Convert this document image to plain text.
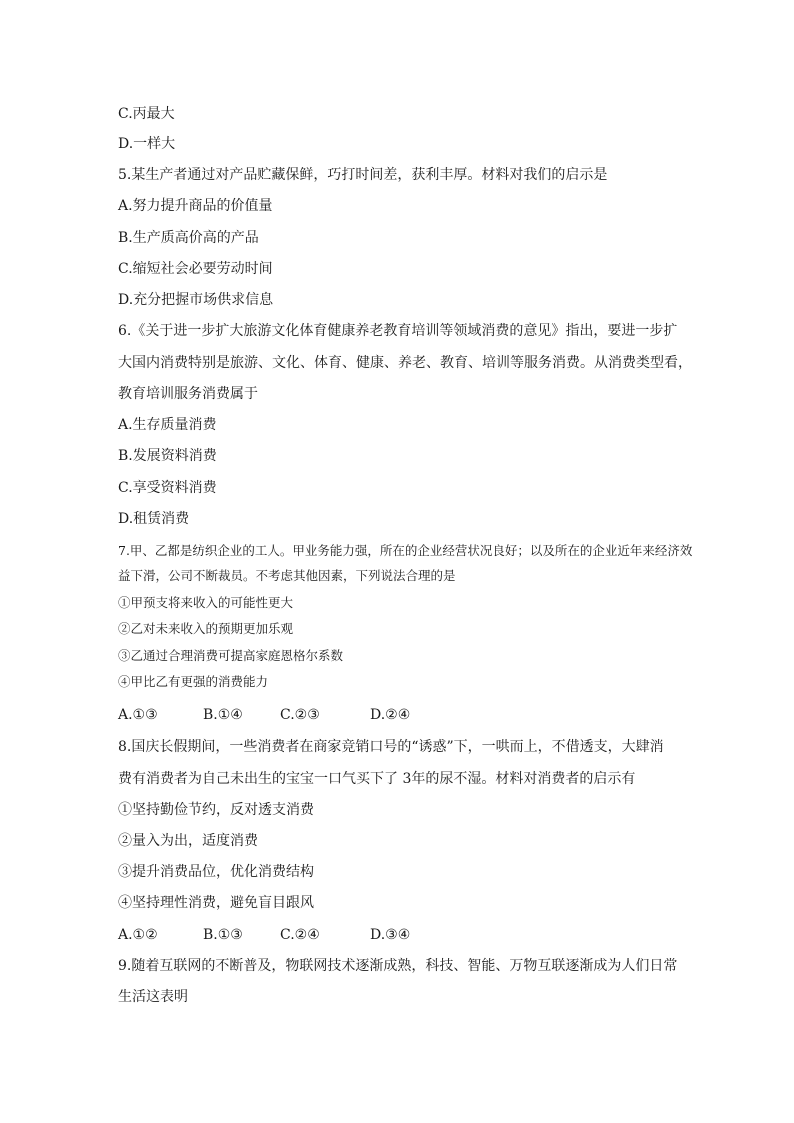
C.丙最大
D.一样大
5.某生产者通过对产品贮藏保鲜，巧打时间差，获利丰厚。材料对我们的启示是
A.努力提升商品的价值量
B.生产质高价高的产品
C.缩短社会必要劳动时间
D.充分把握市场供求信息
6.《关于进一步扩大旅游文化体育健康养老教育培训等领域消费的意见》指出，要进一步扩
大国内消费特别是旅游、文化、体育、健康、养老、教育、培训等服务消费。从消费类型看，
教育培训服务消费属于
A.生存质量消费
B.发展资料消费
C.享受资料消费
D.租赁消费
7.甲、乙都是纺织企业的工人。甲业务能力强，所在的企业经营状况良好；以及所在的企业近年来经济效
益下滑，公司不断裁员。不考虑其他因素，下列说法合理的是
①甲预支将来收入的可能性更大
②乙对未来收入的预期更加乐观
③乙通过合理消费可提高家庭恩格尔系数
④甲比乙有更强的消费能力
A.①③	B.①④	C.②③	D.②④
8.国庆长假期间，一些消费者在商家竞销口号的“诱惑”下，一哄而上，不借透支，大肆消
费有消费者为自己未出生的宝宝一口气买下了 3年的尿不湿。材料对消费者的启示有
①坚持勤俭节约，反对透支消费
②量入为出，适度消费
③提升消费品位，优化消费结构
④坚持理性消费，避免盲目跟风
A.①②	B.①③	C.②④	D.③④
9.随着互联网的不断普及，物联网技术逐渐成熟，科技、智能、万物互联逐渐成为人们日常
生活这表明
